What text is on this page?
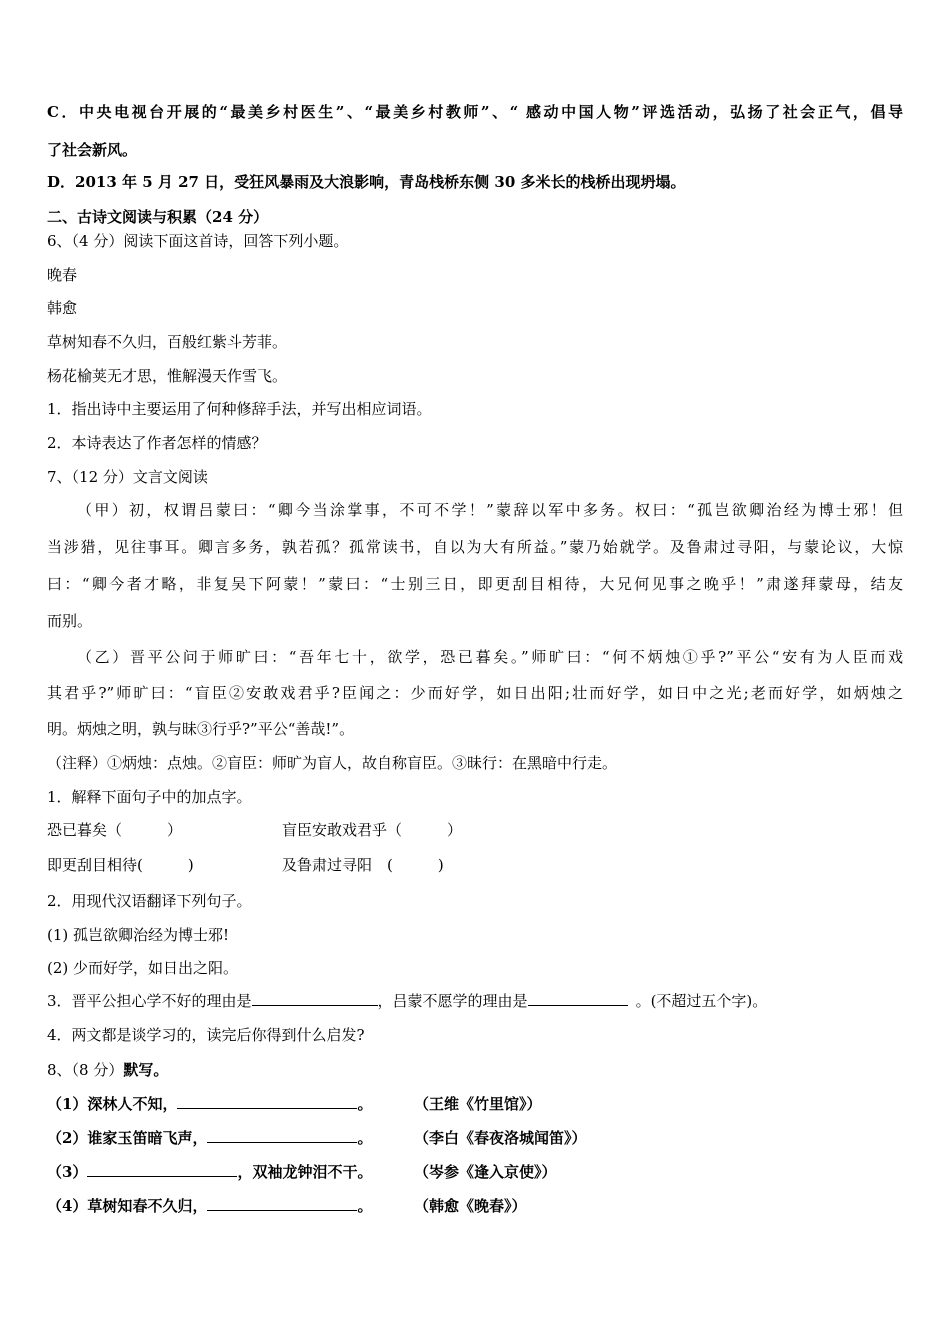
C．中央电视台开展的“最美乡村医生”、“最美乡村教师”、“ 感动中国人物”评选活动，弘扬了社会正气，倡导
了社会新风。
D．2013 年 5 月 27 日，受狂风暴雨及大浪影响，青岛栈桥东侧 30 多米长的栈桥出现坍塌。
二、古诗文阅读与积累（24 分）
6、（4 分）阅读下面这首诗，回答下列小题。
晚春
韩愈
草树知春不久归，百般红紫斗芳菲。
杨花榆荚无才思，惟解漫天作雪飞。
1．指出诗中主要运用了何种修辞手法，并写出相应词语。
2．本诗表达了作者怎样的情感？
7、（12 分）文言文阅读
（甲）初，权谓吕蒙曰：“卿今当涂掌事，不可不学！”蒙辞以军中多务。权曰：“孤岂欲卿治经为博士邪！但
当涉猎，见往事耳。卿言多务，孰若孤？孤常读书，自以为大有所益。”蒙乃始就学。及鲁肃过寻阳，与蒙论议，大惊
曰：“卿今者才略，非复吴下阿蒙！”蒙曰：“士别三日，即更刮目相待，大兄何见事之晚乎！”肃遂拜蒙母，结友
而别。
（乙）晋平公问于师旷曰：“吾年七十，欲学，恐已暮矣。”师旷曰：“何不炳烛①乎?”平公“安有为人臣而戏
其君乎?”师旷曰：“盲臣②安敢戏君乎?臣闻之：少而好学，如日出阳;壮而好学，如日中之光;老而好学，如炳烛之
明。炳烛之明，孰与昧③行乎?”平公“善哉!”。
（注释）①炳烛：点烛。②盲臣：师旷为盲人，故自称盲臣。③昧行：在黑暗中行走。
1．解释下面句子中的加点字。
恐已暮矣（　　　）	盲臣安敢戏君乎（　　　）
即更刮目相待(　　　)	及鲁肃过寻阳　(　　　)
2．用现代汉语翻译下列句子。
(1) 孤岂欲卿治经为博士邪!
(2) 少而好学，如日出之阳。
3．晋平公担心学不好的理由是	，吕蒙不愿学的理由是	。(不超过五个字)。
4．两文都是谈学习的，读完后你得到什么启发?
8、（8 分）默写。
（1）深林人不知，	。	（王维《竹里馆》）
（2）谁家玉笛暗飞声，	。	（李白《春夜洛城闻笛》）
（3）	，双袖龙钟泪不干。	（岑参《逢入京使》）
（4）草树知春不久归，	。	（韩愈《晚春》）
